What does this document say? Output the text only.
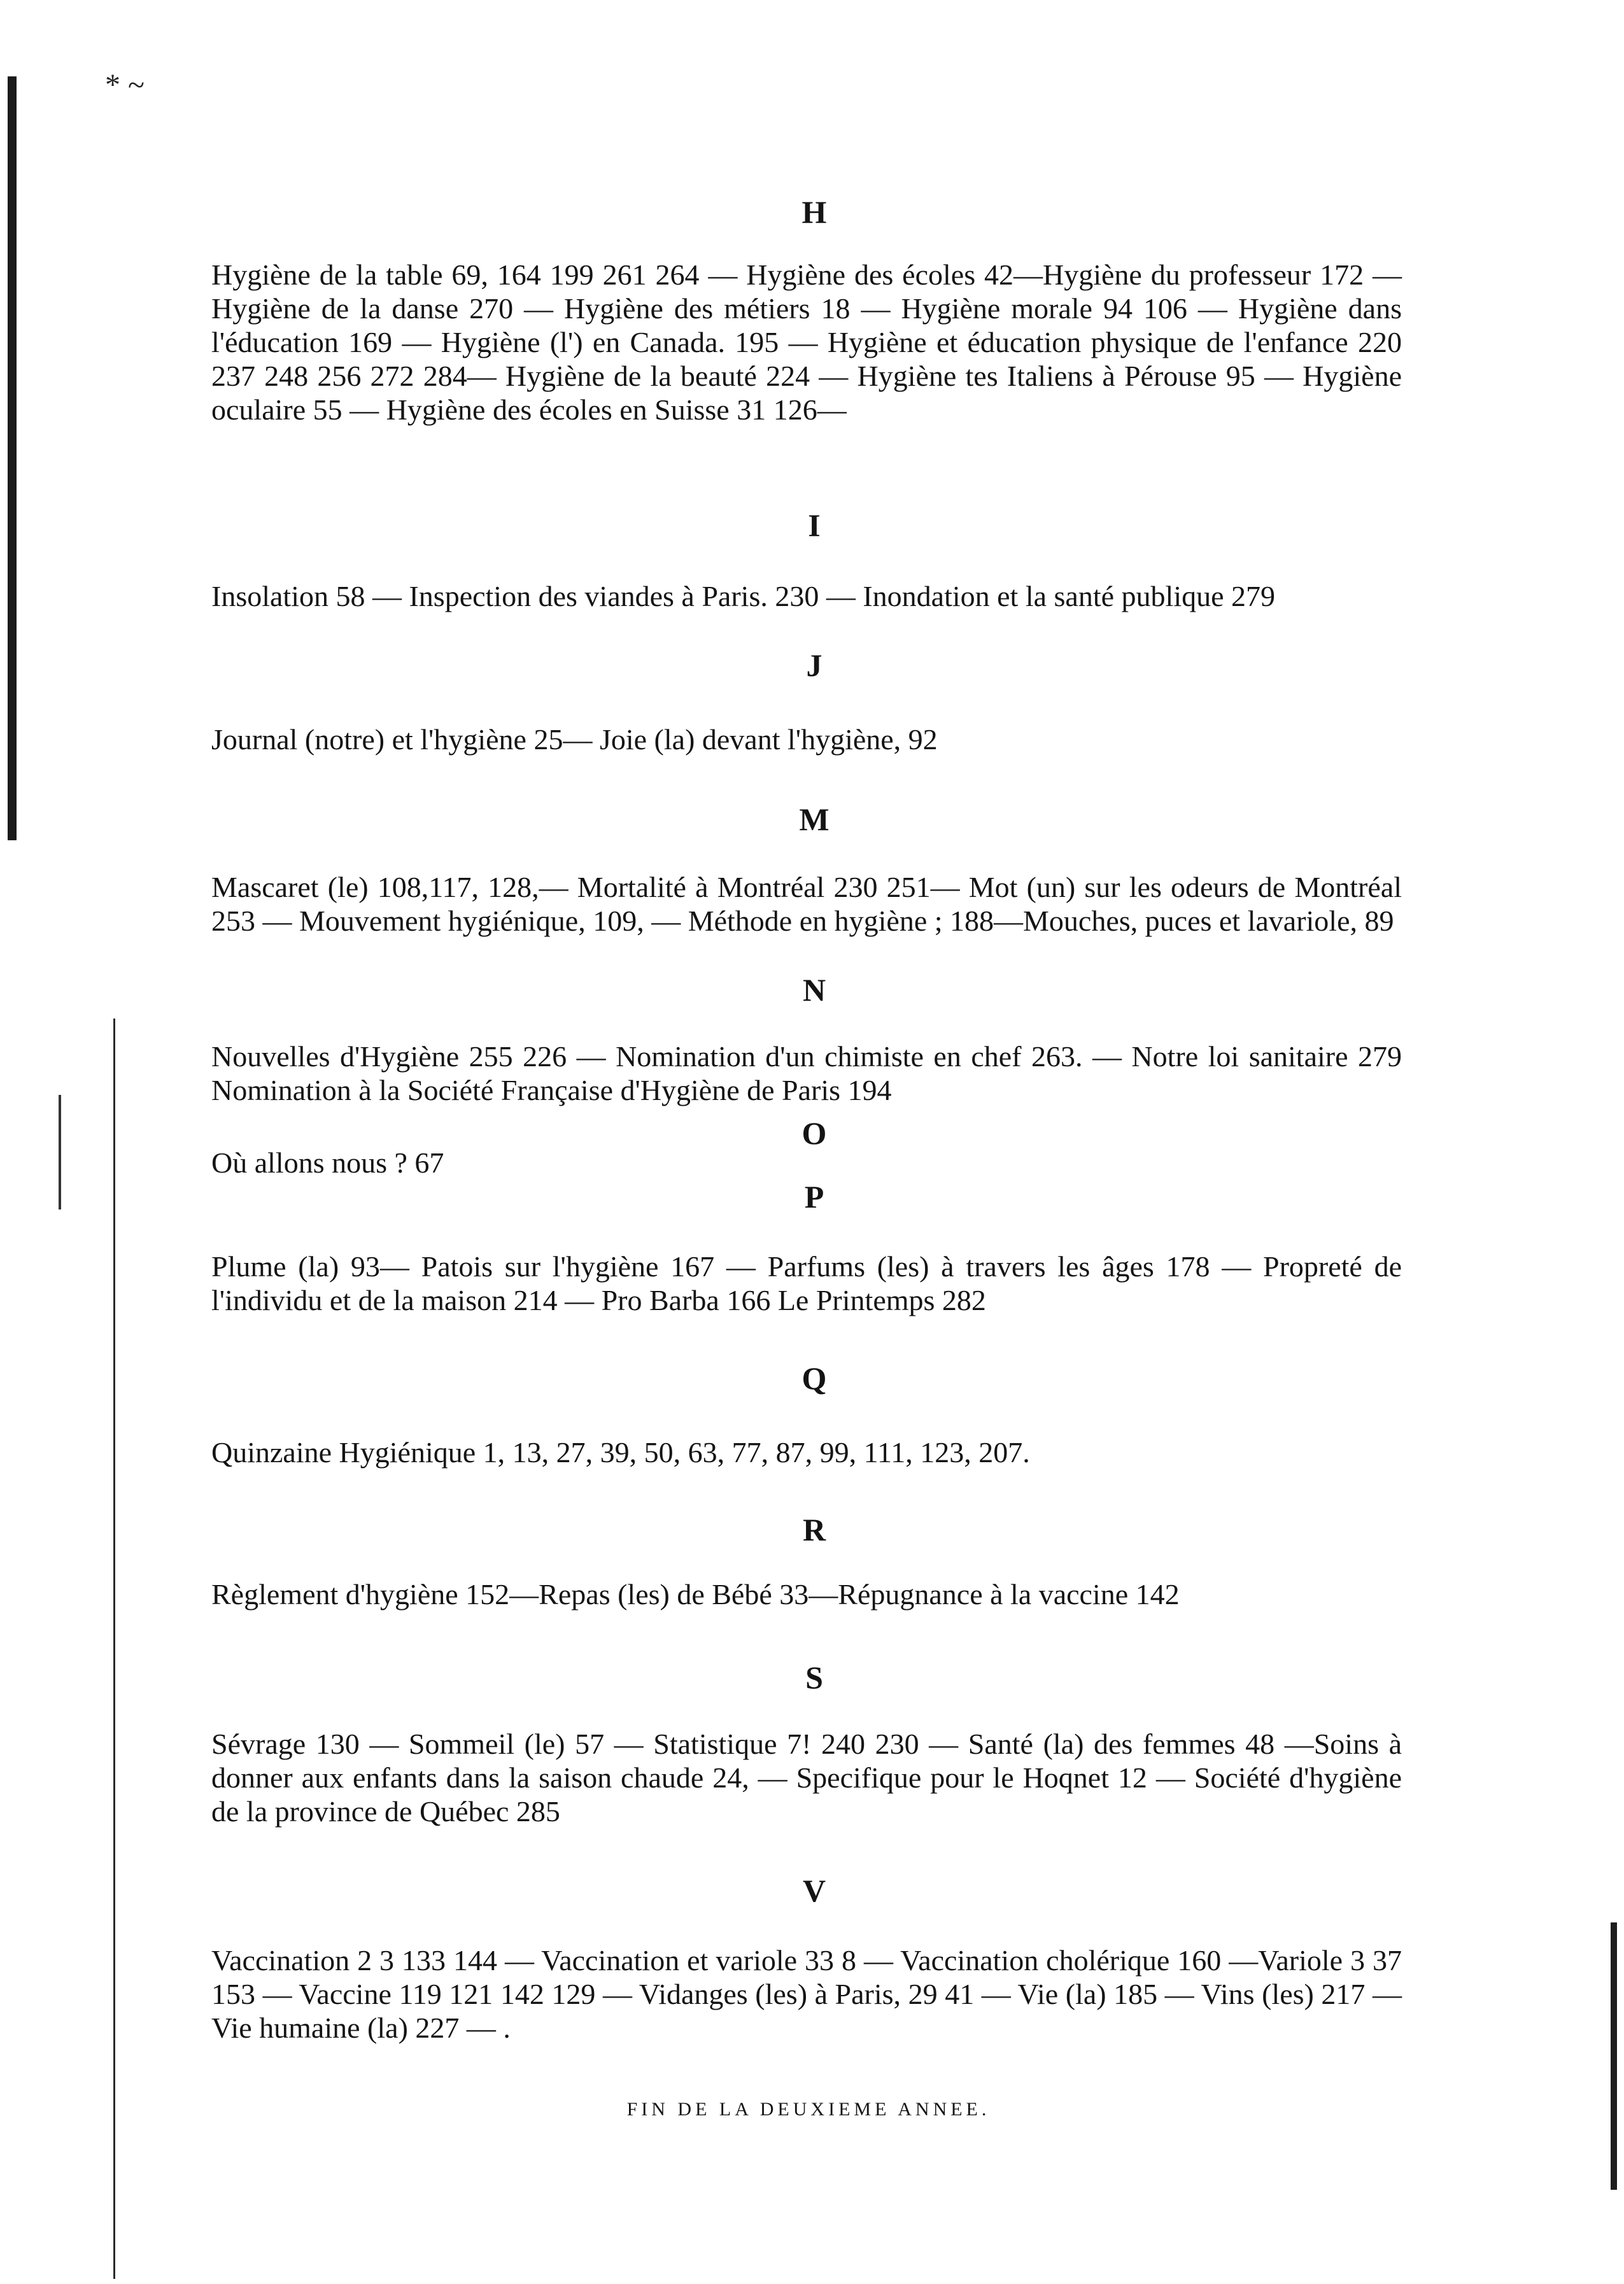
* ~
H
Hygiène de la table 69, 164 199 261 264 — Hygiène des écoles 42—Hygiène du professeur 172 — Hygiène de la danse 270 — Hygiène des métiers 18 — Hygiène morale 94 106 — Hygiène dans l'éducation 169 — Hygiène (l') en Canada. 195 — Hygiène et éducation physique de l'enfance 220 237 248 256 272 284— Hygiène de la beauté 224 — Hygiène tes Italiens à Pérouse 95 — Hygiène oculaire 55 — Hygiène des écoles en Suisse 31 126—
I
Insolation 58 — Inspection des viandes à Paris. 230 — Inondation et la santé publique 279
J
Journal (notre) et l'hygiène 25— Joie (la) devant l'hygiène, 92
M
Mascaret (le) 108,117, 128,— Mortalité à Montréal 230 251— Mot (un) sur les odeurs de Montréal 253 — Mouvement hygiénique, 109, — Méthode en hygiène ; 188—Mouches, puces et lavariole, 89
N
Nouvelles d'Hygiène 255 226 — Nomination d'un chimiste en chef 263. — Notre loi sanitaire 279 Nomination à la Société Française d'Hygiène de Paris 194
O
Où allons nous ? 67
P
Plume (la) 93— Patois sur l'hygiène 167 — Parfums (les) à travers les âges 178 — Propreté de l'individu et de la maison 214 — Pro Barba 166 Le Printemps 282
Q
Quinzaine Hygiénique 1, 13, 27, 39, 50, 63, 77, 87, 99, 111, 123, 207.
R
Règlement d'hygiène 152—Repas (les) de Bébé 33—Répugnance à la vaccine 142
S
Sévrage 130 — Sommeil (le) 57 — Statistique 7! 240 230 — Santé (la) des femmes 48 —Soins à donner aux enfants dans la saison chaude 24, — Specifique pour le Hoqnet 12 — Société d'hygiène de la province de Québec 285
V
Vaccination 2 3 133 144 — Vaccination et variole 33 8 — Vaccination cholérique 160 —Variole 3 37 153 — Vaccine 119 121 142 129 — Vidanges (les) à Paris, 29 41 — Vie (la) 185 — Vins (les) 217 — Vie humaine (la) 227 — .
FIN DE LA DEUXIEME ANNEE.
